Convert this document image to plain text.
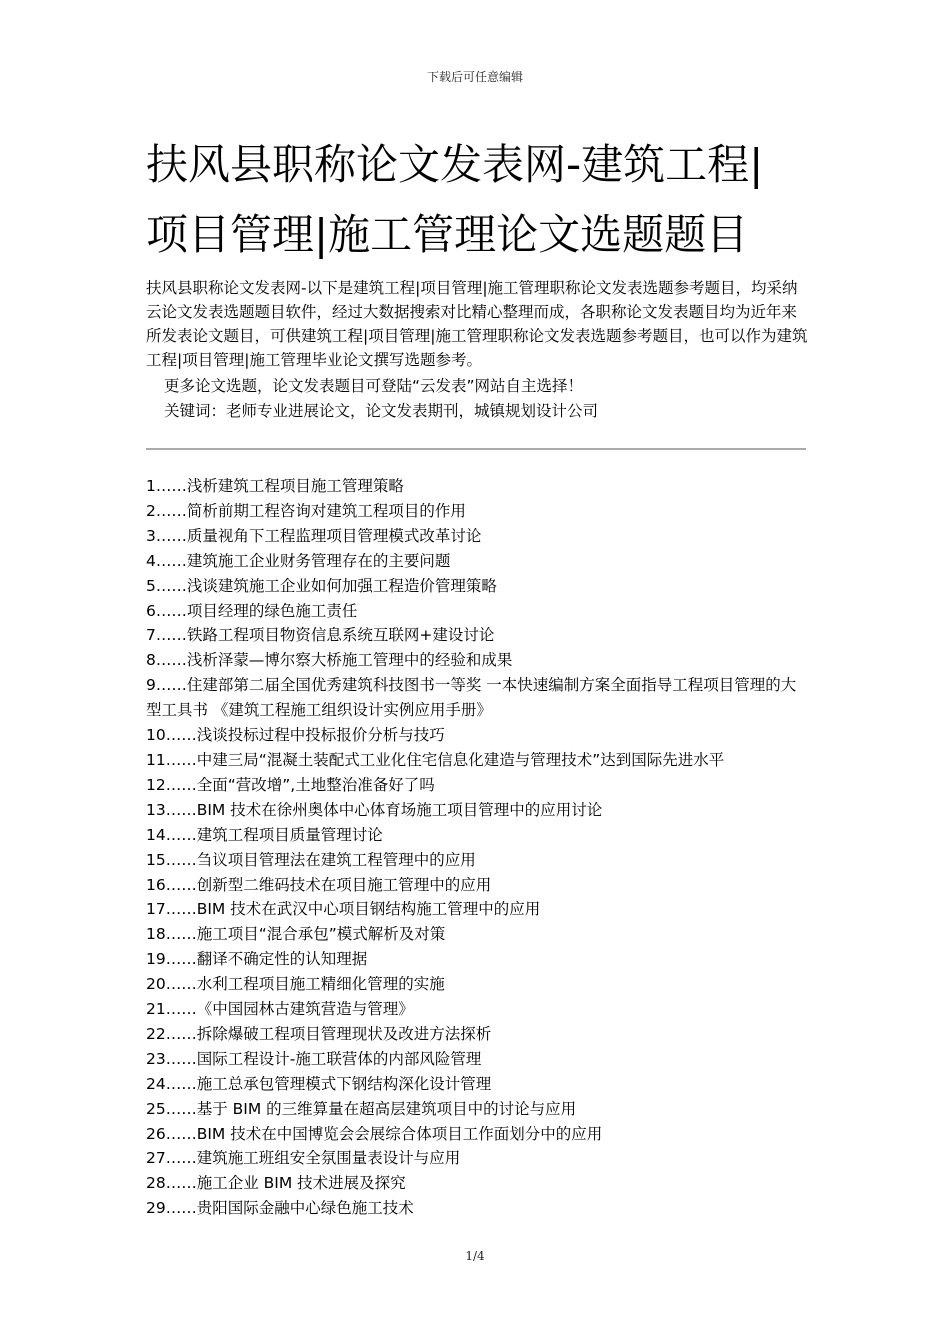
下载后可任意编辑
扶风县职称论文发表网-建筑工程|
项目管理|施工管理论文选题题目

扶风县职称论文发表网-以下是建筑工程|项目管理|施工管理职称论文发表选题参考题目，均采纳云论文发表选题题目软件，经过大数据搜索对比精心整理而成，各职称论文发表题目均为近年来所发表论文题目，可供建筑工程|项目管理|施工管理职称论文发表选题参考题目，也可以作为建筑工程|项目管理|施工管理毕业论文撰写选题参考。

更多论文选题，论文发表题目可登陆“云发表”网站自主选择！
关键词：老师专业进展论文，论文发表期刊，城镇规划设计公司
1……浅析建筑工程项目施工管理策略
2……简析前期工程咨询对建筑工程项目的作用
3……质量视角下工程监理项目管理模式改革讨论
4……建筑施工企业财务管理存在的主要问题
5……浅谈建筑施工企业如何加强工程造价管理策略
6……项目经理的绿色施工责任
7……铁路工程项目物资信息系统互联网+建设讨论
8……浅析泽蒙—博尔察大桥施工管理中的经验和成果
9……住建部第二届全国优秀建筑科技图书一等奖 一本快速编制方案全面指导工程项目管理的大型工具书 《建筑工程施工组织设计实例应用手册》
10……浅谈投标过程中投标报价分析与技巧
11……中建三局“混凝土装配式工业化住宅信息化建造与管理技术”达到国际先进水平
12……全面“营改增”,土地整治准备好了吗
13……BIM 技术在徐州奥体中心体育场施工项目管理中的应用讨论
14……建筑工程项目质量管理讨论
15……刍议项目管理法在建筑工程管理中的应用
16……创新型二维码技术在项目施工管理中的应用
17……BIM 技术在武汉中心项目钢结构施工管理中的应用
18……施工项目“混合承包”模式解析及对策
19……翻译不确定性的认知理据
20……水利工程项目施工精细化管理的实施
21……《中国园林古建筑营造与管理》
22……拆除爆破工程项目管理现状及改进方法探析
23……国际工程设计-施工联营体的内部风险管理
24……施工总承包管理模式下钢结构深化设计管理
25……基于 BIM 的三维算量在超高层建筑项目中的讨论与应用
26……BIM 技术在中国博览会会展综合体项目工作面划分中的应用
27……建筑施工班组安全氛围量表设计与应用
28……施工企业 BIM 技术进展及探究
29……贵阳国际金融中心绿色施工技术
1/4
